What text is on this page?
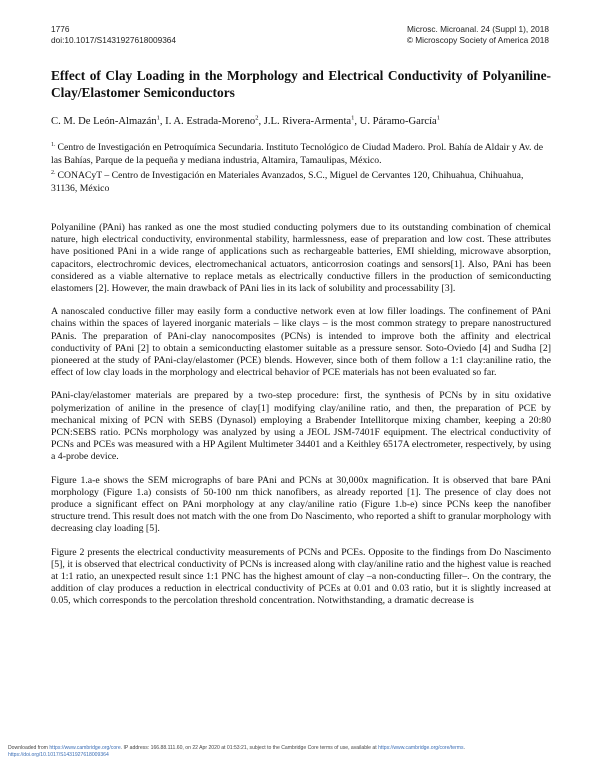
1776
doi:10.1017/S1431927618009364
Microsc. Microanal. 24 (Suppl 1), 2018
© Microscopy Society of America 2018
Effect of Clay Loading in the Morphology and Electrical Conductivity of Polyaniline-Clay/Elastomer Semiconductors
C. M. De León-Almazán$^1$, I. A. Estrada-Moreno$^2$, J.L. Rivera-Armenta$^1$, U. Páramo-García$^1$
$^{1.}$ Centro de Investigación en Petroquímica Secundaria. Instituto Tecnológico de Ciudad Madero. Prol. Bahía de Aldair y Av. de las Bahías, Parque de la pequeña y mediana industria, Altamira, Tamaulipas, México.
$^{2.}$ CONACyT – Centro de Investigación en Materiales Avanzados, S.C., Miguel de Cervantes 120, Chihuahua, Chihuahua, 31136, México

Polyaniline (PAni) has ranked as one the most studied conducting polymers due to its outstanding combination of chemical nature, high electrical conductivity, environmental stability, harmlessness, ease of preparation and low cost. These attributes have positioned PAni in a wide range of applications such as rechargeable batteries, EMI shielding, microwave absorption, capacitors, electrochromic devices, electromechanical actuators, anticorrosion coatings and sensors[1]. Also, PAni has been considered as a viable alternative to replace metals as electrically conductive fillers in the production of semiconducting elastomers [2]. However, the main drawback of PAni lies in its lack of solubility and processability [3].

A nanoscaled conductive filler may easily form a conductive network even at low filler loadings. The confinement of PAni chains within the spaces of layered inorganic materials – like clays – is the most common strategy to prepare nanostructured PAnis. The preparation of PAni-clay nanocomposites (PCNs) is intended to improve both the affinity and electrical conductivity of PAni [2] to obtain a semiconducting elastomer suitable as a pressure sensor. Soto-Oviedo [4] and Sudha [2] pioneered at the study of PAni-clay/elastomer (PCE) blends. However, since both of them follow a 1:1 clay:aniline ratio, the effect of low clay loads in the morphology and electrical behavior of PCE materials has not been evaluated so far.

PAni-clay/elastomer materials are prepared by a two-step procedure: first, the synthesis of PCNs by in situ oxidative polymerization of aniline in the presence of clay[1] modifying clay/aniline ratio, and then, the preparation of PCE by mechanical mixing of PCN with SEBS (Dynasol) employing a Brabender Intellitorque mixing chamber, keeping a 20:80 PCN:SEBS ratio. PCNs morphology was analyzed by using a JEOL JSM-7401F equipment. The electrical conductivity of PCNs and PCEs was measured with a HP Agilent Multimeter 34401 and a Keithley 6517A electrometer, respectively, by using a 4-probe device.

Figure 1.a-e shows the SEM micrographs of bare PAni and PCNs at 30,000x magnification. It is observed that bare PAni morphology (Figure 1.a) consists of 50-100 nm thick nanofibers, as already reported [1]. The presence of clay does not produce a significant effect on PAni morphology at any clay/aniline ratio (Figure 1.b-e) since PCNs keep the nanofiber structure trend. This result does not match with the one from Do Nascimento, who reported a shift to granular morphology with decreasing clay loading [5].

Figure 2 presents the electrical conductivity measurements of PCNs and PCEs. Opposite to the findings from Do Nascimento [5], it is observed that electrical conductivity of PCNs is increased along with clay/aniline ratio and the highest value is reached at 1:1 ratio, an unexpected result since 1:1 PNC has the highest amount of clay –a non-conducting filler–. On the contrary, the addition of clay produces a reduction in electrical conductivity of PCEs at 0.01 and 0.03 ratio, but it is slightly increased at 0.05, which corresponds to the percolation threshold concentration. Notwithstanding, a dramatic decrease is

Downloaded from https://www.cambridge.org/core. IP address: 166.88.111.60, on 22 Apr 2020 at 01:53:21, subject to the Cambridge Core terms of use, available at https://www.cambridge.org/core/terms.
https://doi.org/10.1017/S1431927618009364
